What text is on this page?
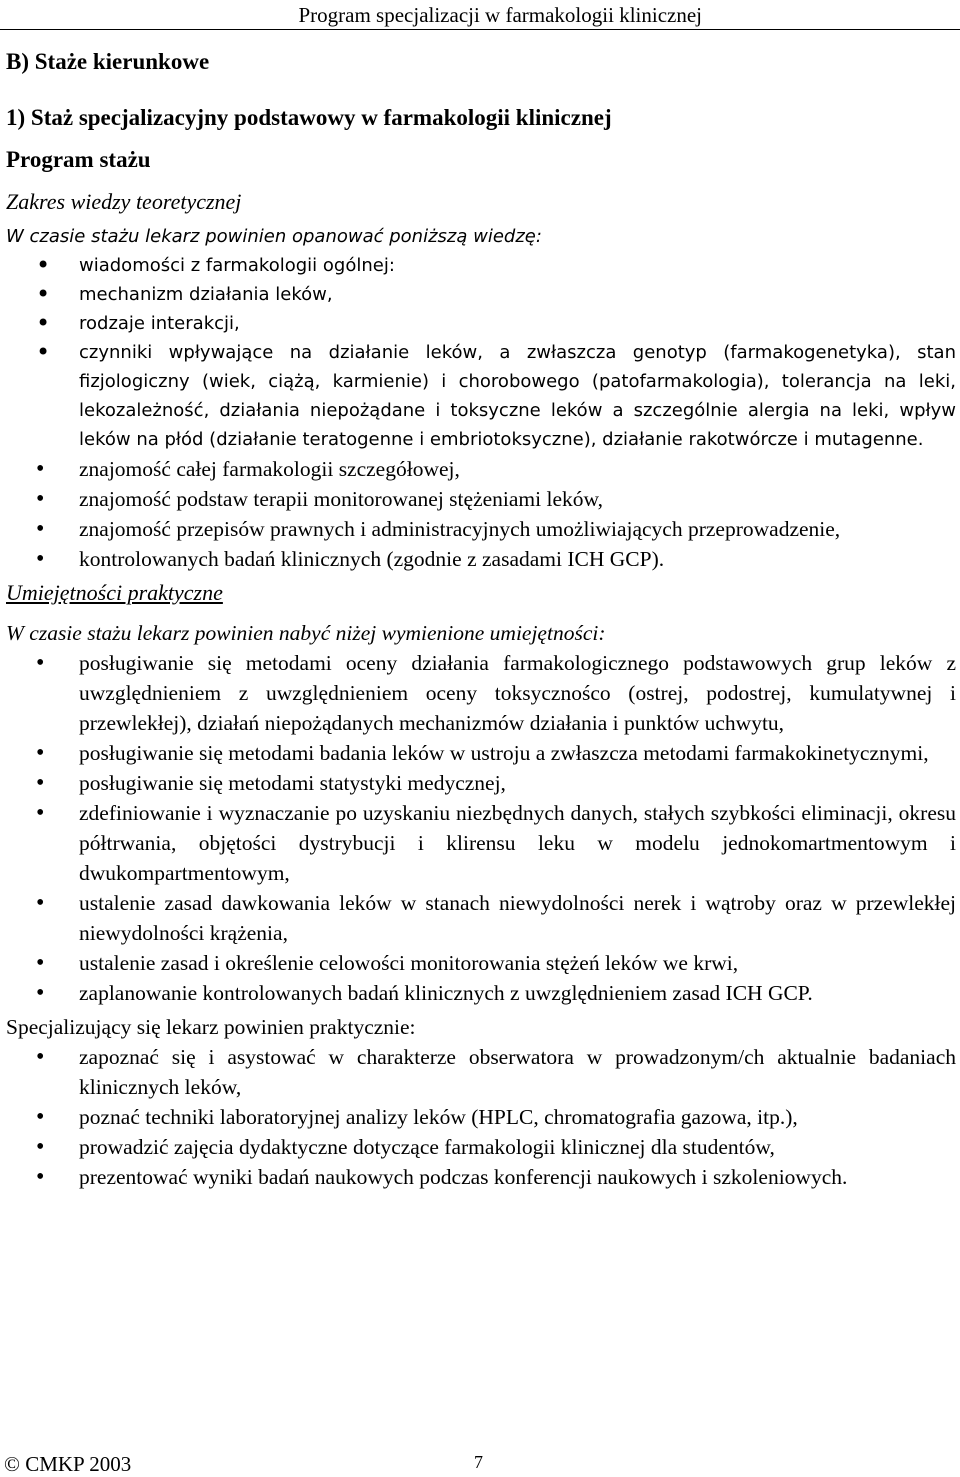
Program specjalizacji w farmakologii klinicznej
B) Staże kierunkowe
1) Staż specjalizacyjny podstawowy w farmakologii klinicznej
Program stażu
Zakres wiedzy teoretycznej

W czasie stażu lekarz powinien opanować poniższą wiedzę:

• wiadomości z farmakologii ogólnej:
• mechanizm działania leków,
• rodzaje interakcji,
• czynniki wpływające na działanie leków, a zwłaszcza genotyp (farmakogenetyka), stan fizjologiczny (wiek, ciążą, karmienie) i chorobowego (patofarmakologia), tolerancja na leki, lekozależność, działania niepożądane i toksyczne leków a szczególnie alergia na leki, wpływ leków na płód (działanie teratogenne i embriotoksyczne), działanie rakotwórcze i mutagenne.
• znajomość całej farmakologii szczegółowej,
• znajomość podstaw terapii monitorowanej stężeniami leków,
• znajomość przepisów prawnych i administracyjnych umożliwiających przeprowadzenie,
• kontrolowanych badań klinicznych (zgodnie z zasadami ICH GCP).
Umiejętności praktyczne

W czasie stażu lekarz powinien nabyć niżej wymienione umiejętności:

• posługiwanie się metodami oceny działania farmakologicznego podstawowych grup leków z uwzględnieniem z uwzględnieniem oceny toksycznośco (ostrej, podostrej, kumulatywnej i przewlekłej), działań niepożądanych mechanizmów działania i punktów uchwytu,
• posługiwanie się metodami badania leków w ustroju a zwłaszcza metodami farmakokinetycznymi,
• posługiwanie się metodami statystyki medycznej,
• zdefiniowanie i wyznaczanie po uzyskaniu niezbędnych danych, stałych szybkości eliminacji, okresu półtrwania, objętości dystrybucji i klirensu leku w modelu jednokomartmentowym i dwukompartmentowym,
• ustalenie zasad dawkowania leków w stanach niewydolności nerek i wątroby oraz w przewlekłej niewydolności krążenia,
• ustalenie zasad i określenie celowości monitorowania stężeń leków we krwi,
• zaplanowanie kontrolowanych badań klinicznych z uwzględnieniem zasad ICH GCP.

Specjalizujący się lekarz powinien praktycznie:

• zapoznać się i asystować w charakterze obserwatora w prowadzonym/ch aktualnie badaniach klinicznych leków,
• poznać techniki laboratoryjnej analizy leków (HPLC, chromatografia gazowa, itp.),
• prowadzić zajęcia dydaktyczne dotyczące farmakologii klinicznej dla studentów,
• prezentować wyniki badań naukowych podczas konferencji naukowych i szkoleniowych.
© CMKP 2003	7
